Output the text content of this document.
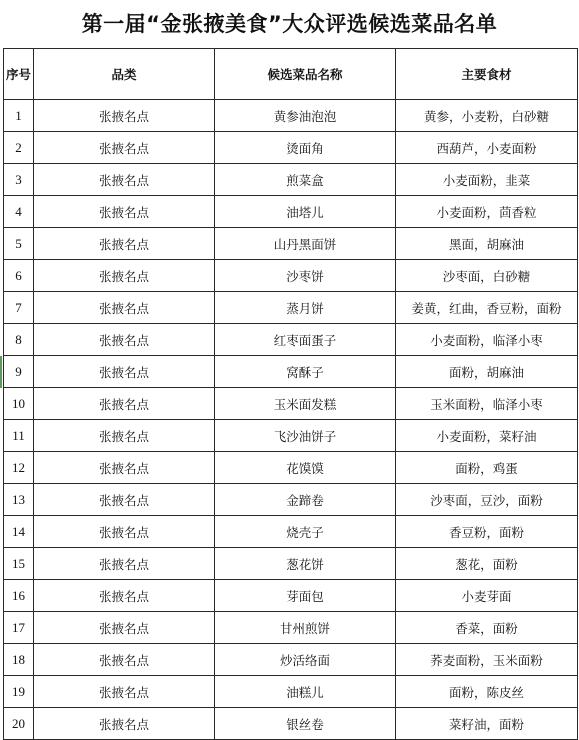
第一届“金张掖美食”大众评选候选菜品名单
序号	品类	候选菜品名称	主要食材
1	张掖名点	黄参油泡泡	黄参，小麦粉，白砂糖
2	张掖名点	烫面角	西葫芦，小麦面粉
3	张掖名点	煎菜盒	小麦面粉，韭菜
4	张掖名点	油塔儿	小麦面粉，茴香粒
5	张掖名点	山丹黑面饼	黑面，胡麻油
6	张掖名点	沙枣饼	沙枣面，白砂糖
7	张掖名点	蒸月饼	姜黄，红曲，香豆粉，面粉
8	张掖名点	红枣面蛋子	小麦面粉，临泽小枣
9	张掖名点	窝酥子	面粉，胡麻油
10	张掖名点	玉米面发糕	玉米面粉，临泽小枣
11	张掖名点	飞沙油饼子	小麦面粉，菜籽油
12	张掖名点	花馍馍	面粉，鸡蛋
13	张掖名点	金蹄卷	沙枣面，豆沙，面粉
14	张掖名点	烧壳子	香豆粉，面粉
15	张掖名点	葱花饼	葱花，面粉
16	张掖名点	芽面包	小麦芽面
17	张掖名点	甘州煎饼	香菜，面粉
18	张掖名点	炒活络面	荞麦面粉，玉米面粉
19	张掖名点	油糕儿	面粉，陈皮丝
20	张掖名点	银丝卷	菜籽油，面粉
